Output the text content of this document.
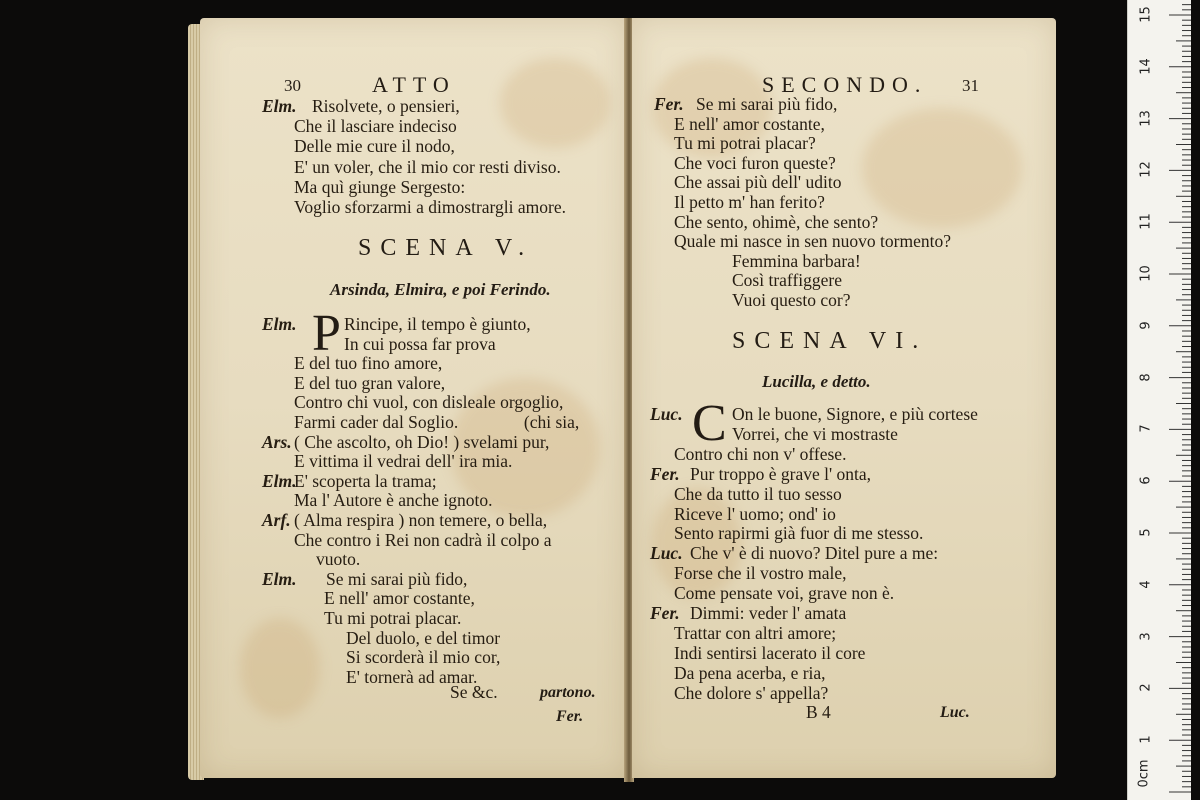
30	ATTO
Elm. Risolvete, o pensieri,
Che il lasciare indeciso
Delle mie cure il nodo,
E' un voler, che il mio cor resti diviso.
Ma quì giunge Sergesto:
Voglio sforzarmi a dimostrargli amore.
SCENA V.
Arsinda, Elmira, e poi Ferindo.
P
Elm.	Rincipe, il tempo è giunto,
In cui possa far prova
E del tuo fino amore,
E del tuo gran valore,
Contro chi vuol, con disleale orgoglio,
Farmi cader dal Soglio.               (chi sia,
Ars. ( Che ascolto, oh Dio! ) svelami pur,
E vittima il vedrai dell' ira mia.
Elm.
E' scoperta la trama;
Ma l' Autore è anche ignoto.
Arf. ( Alma respira ) non temere, o bella,
Che contro i Rei non cadrà il colpo a
vuoto.
Elm. Se mi sarai più fido,
E nell' amor costante,
Tu mi potrai placar.
Del duolo, e del timor
Si scorderà il mio cor,
E' tornerà ad amar.
Se &c.	partono.
Fer.
SECONDO. 31
Fer. Se mi sarai più fido,
E nell' amor costante,
Tu mi potrai placar?
Che voci furon queste?
Che assai più dell' udito
Il petto m' han ferito?
Che sento, ohimè, che sento?
Quale mi nasce in sen nuovo tormento?
Femmina barbara!
Così traffiggere
Vuoi questo cor?
SCENA VI.
Lucilla, e detto.
C
Luc.	On le buone, Signore, e più cortese
Vorrei, che vi mostraste
Contro chi non v' offese.
Fer. Pur troppo è grave l' onta,
Che da tutto il tuo sesso
Riceve l' uomo; ond' io
Sento rapirmi già fuor di me stesso.
Luc. Che v' è di nuovo? Ditel pure a me:
Forse che il vostro male,
Come pensate voi, grave non è.
Fer. Dimmi: veder l' amata
Trattar con altri amore;
Indi sentirsi lacerato il core
Da pena acerba, e ria,
Che dolore s' appella?
B 4	Luc.
0cm
1
2
3
4
5
6
7
8
9
10
11
12
13
14
15
